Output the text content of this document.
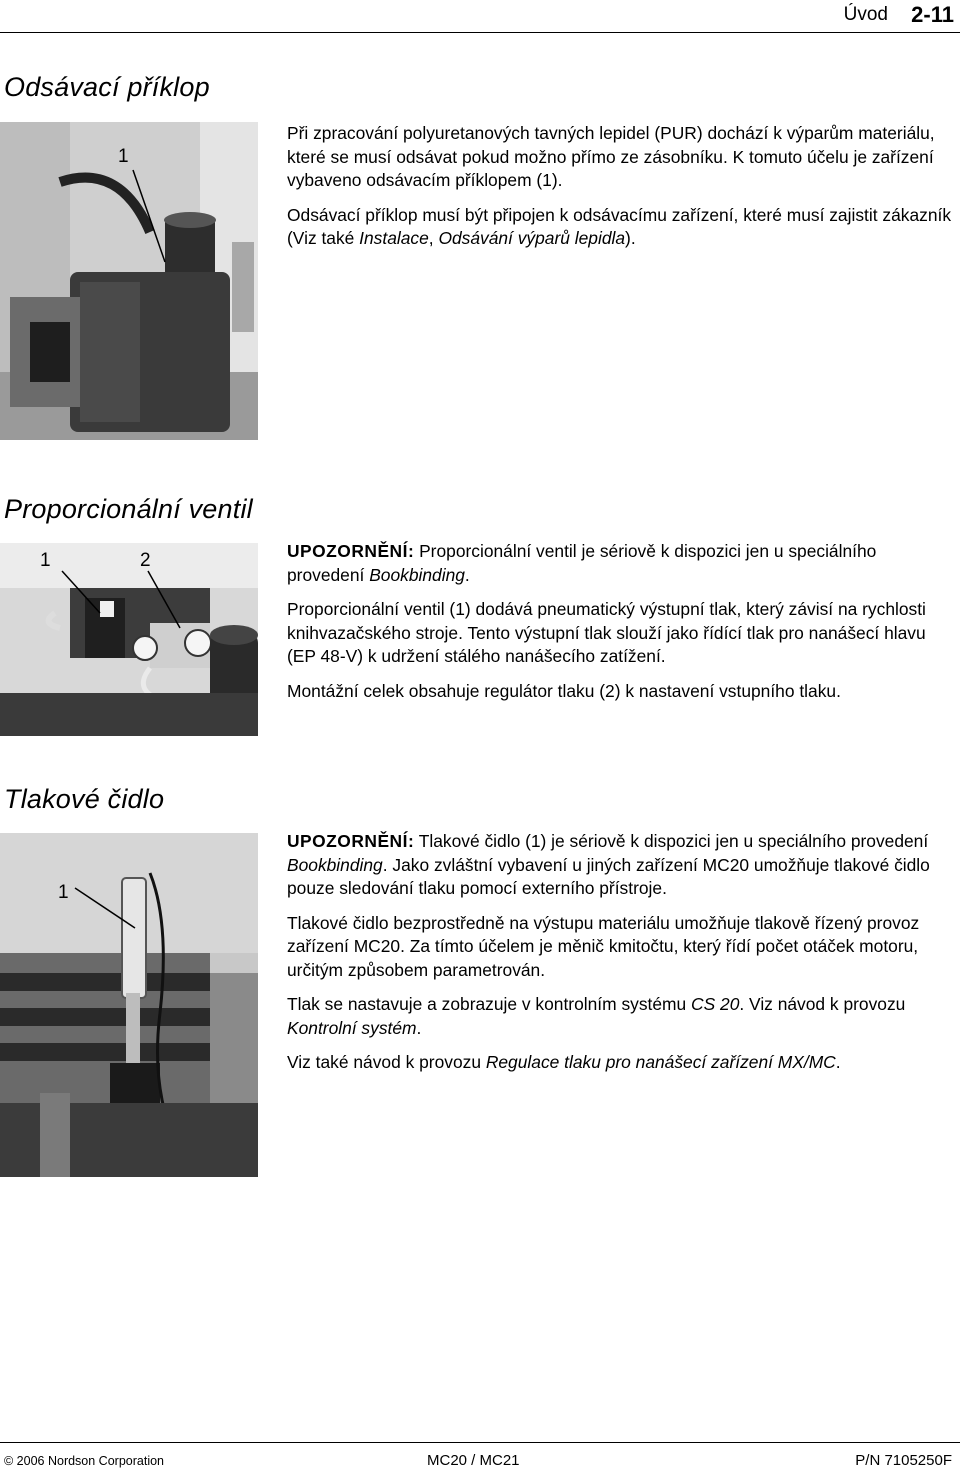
Úvod 2-11
Odsávací příklop
1

Při zpracování polyuretanových tavných lepidel (PUR) dochází k výparům materiálu, které se musí odsávat pokud možno přímo ze zásobníku. K tomuto účelu je zařízení vybaveno odsávacím příklopem (1).

Odsávací příklop musí být připojen k odsávacímu zařízení, které musí zajistit zákazník (Viz také Instalace, Odsávání výparů lepidla).

Proporcionální ventil
1	2	UPOZORNĚNÍ: Proporcionální ventil je sériově k dispozici jen u speciálního provedení Bookbinding.

Proporcionální ventil (1) dodává pneumatický výstupní tlak, který závisí na rychlosti knihvazačského stroje. Tento výstupní tlak slouží jako řídící tlak pro nanášecí hlavu (EP 48-V) k udržení stálého nanášecího zatížení.

Montážní celek obsahuje regulátor tlaku (2) k nastavení vstupního tlaku.

Tlakové čidlo
1

UPOZORNĚNÍ: Tlakové čidlo (1) je sériově k dispozici jen u speciálního provedení Bookbinding. Jako zvláštní vybavení u jiných zařízení MC20 umožňuje tlakové čidlo pouze sledování tlaku pomocí externího přístroje.

Tlakové čidlo bezprostředně na výstupu materiálu umožňuje tlakově řízený provoz zařízení MC20. Za tímto účelem je měnič kmitočtu, který řídí počet otáček motoru, určitým způsobem parametrován.

Tlak se nastavuje a zobrazuje v kontrolním systému CS 20. Viz návod k provozu Kontrolní systém.

Viz také návod k provozu Regulace tlaku pro nanášecí zařízení MX/MC.

© 2006 Nordson Corporation	MC20 / MC21	P/N 7105250F
